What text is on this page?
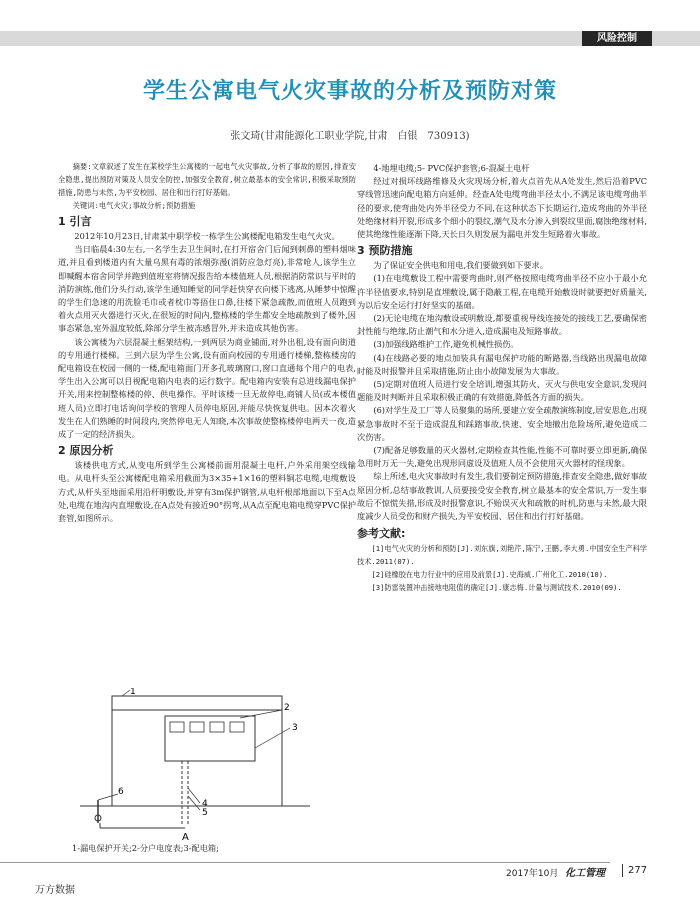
风险控制
学生公寓电气火灾事故的分析及预防对策
张文琦(甘肃能源化工职业学院,甘肃　白银　730913)

摘要:文章叙述了发生在某校学生公寓楼的一起电气火灾事故,分析了事故的原因,排查安全隐患,提出预防对策及人员安全防控,加强安全教育,树立最基本的安全常识,积极采取预防措施,防患与未然,为平安校园、居住和出行打好基础。

关键词:电气火灾;事故分析;预防措施

1 引言

2012年10月23日,甘肃某中职学校一栋学生公寓楼配电箱发生电气火灾。

当日临晨4:30左右,一名学生去卫生间时,在打开宿舍门后闻到刺鼻的塑料烟味道,并且看到楼道内有大量乌黑有毒的浓烟弥漫(消防应急灯亮),非常呛人,该学生立即喊醒本宿舍同学并跑到值班室将情况报告给本楼值班人员,根据消防常识与平时的消防演练,他们分头行动,该学生通知睡觉的同学赶快穿衣向楼下逃离,从睡梦中惊醒的学生们急速的用洗脸毛巾或者枕巾等捂住口鼻,往楼下紧急疏散,而值班人员跑到着火点用灭火器进行灭火,在很短的时间内,整栋楼的学生都安全地疏散到了楼外,因事态紧急,室外温度较低,除部分学生被冻感冒外,并未造成其他伤害。

该公寓楼为六层混凝土框架结构,一到两层为商业铺面,对外出租,设有面向街道的专用通行楼梯。三到六层为学生公寓,设有面向校园的专用通行楼梯,整栋楼房的配电箱设在校园一侧的一楼,配电箱面门开多孔玻璃窗口,窗口直通每个用户的电表,学生出入公寓可以目视配电箱内电表的运行数字。配电箱内安装有总进线漏电保护开关,用来控制整栋楼的停、供电操作。平时该楼一旦无故停电,商铺人员(或本楼值班人员)立即打电话询问学校的管理人员停电原因,并能尽快恢复供电。因本次着火发生在人们熟睡的时间段内,突然停电无人知晓,本次事故使整栋楼停电两天一夜,造成了一定的经济损失。

2 原因分析

该楼供电方式,从变电所到学生公寓楼前面用混凝土电杆,户外采用架空线输电。从电杆头至公寓楼配电箱采用截面为3×35+1×16的塑料铜芯电缆,电缆敷设方式,从杆头至地面采用沿杆明敷设,并穿有3m保护钢管,从电杆根部地面以下至A点处,电缆在地沟内直埋敷设,在A点处有接近90°拐弯,从A点至配电箱电缆穿PVC保护套管,如图所示。

1
2
3
4
5
6
A
1-漏电保护开关;2-分户电度表;3-配电箱;

4-地埋电缆;5- PVC保护套管;6-混凝土电杆

经过对损坏线路维修及火灾现场分析,着火点首先从A处发生,然后沿着PVC穿线管迅速向配电箱方向延伸。经查A处电缆弯曲半径太小,不满足该电缆弯曲半径的要求,使弯曲处内外半径受力不同,在这种状态下长期运行,造成弯曲的外半径处绝缘材料开裂,形成多个细小的裂纹,潮气及水分渗入到裂纹里面,腐蚀绝缘材料,使其绝缘性能逐渐下降,天长日久则发展为漏电并发生短路着火事故。

3 预防措施

为了保证安全供电和用电,我们要做到如下要求。

(1)在电缆敷设工程中需要弯曲时,则严格按照电缆弯曲半径不应小于最小允许半径值要求,特别是直埋敷设,属于隐蔽工程,在电缆开始敷设时就要把好质量关,为以后安全运行打好坚实的基础。

(2)无论电缆在地沟敷设或明敷设,都要重视导线连接处的接线工艺,要确保密封性能与绝缘,防止潮气和水分进入,造成漏电及短路事故。

(3)加强线路维护工作,避免机械性损伤。

(4)在线路必要的地点加装具有漏电保护功能的断路器,当线路出现漏电故障时能及时报警并且采取措施,防止由小故障发展为大事故。

(5)定期对值班人员进行安全培训,增强其防火、灭火与供电安全意识,发现问题能及时判断并且采取积极正确的有效措施,降低各方面的损失。

(6)对学生及工厂等人员聚集的场所,要建立安全疏散演练制度,居安思危,出现紧急事故时不至于造成混乱和踩踏事故,快速、安全地撤出危险场所,避免造成二次伤害。

(7)配备足够数量的灭火器材,定期检查其性能,性能不可靠时要立即更新,确保急用时万无一失,避免出现形同虚设及值班人员不会使用灭火器材的怪现象。

综上所述,电火灾事故时有发生,我们要制定预防措施,排查安全隐患,做好事故原因分析,总结事故教训,人员要接受安全教育,树立最基本的安全常识,万一发生事故后不惊慌失措,形成及时报警意识,不贻误灭火和疏散的时机,防患与未然,最大限度减少人员受伤和财产损失,为平安校园、居住和出行打好基础。

参考文献:

[1]电气火灾的分析和预防[J].刘东旗,刘艳芹,陈宁,王鹏,李大勇.中国安全生产科学技术.2011(07).

[2]硅橡胶在电力行业中的应用及前景[J].史海威.广州化工.2010(10).

[3]防雷装置冲击接地电阻值的确定[J].康志梅.计量与测试技术.2010(09).

2017年10月 化工管理 277
万方数据
